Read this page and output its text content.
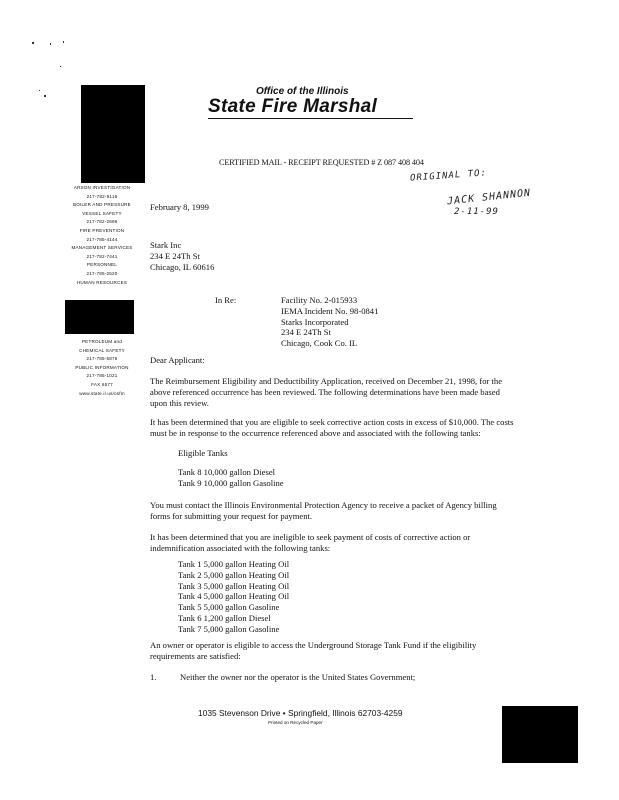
Office of the Illinois
State Fire Marshal
ARSON INVESTIGATION
217-782-9116
BOILER AND PRESSURE
VESSEL SAFETY
217-782-2696
FIRE PREVENTION
217-785-4144
MANAGEMENT SERVICES
217-782-7441
PERSONNEL
217-785-2520
HUMAN RESOURCES
PETROLEUM and
CHEMICAL SAFETY
217-785-5878
PUBLIC INFORMATION
217-785-1021
FAX 6577
www.state.il.us/osfm
CERTIFIED MAIL - RECEIPT REQUESTED # Z 087 408 404
ORIGINAL TO:
JACK SHANNON
2-11-99
February 8, 1999
Stark Inc
234 E 24Th St
Chicago, IL 60616
In Re:	Facility No. 2-015933
IEMA Incident No. 98-0841
Starks Incorporated
234 E 24Th St
Chicago, Cook Co. IL
Dear Applicant:
The Reimbursement Eligibility and Deductibility Application, received on December 21, 1998, for the above referenced occurrence has been reviewed. The following determinations have been made based upon this review.
It has been determined that you are eligible to seek corrective action costs in excess of $10,000. The costs must be in response to the occurrence referenced above and associated with the following tanks:
Eligible Tanks
Tank 8 10,000 gallon Diesel
Tank 9 10,000 gallon Gasoline
You must contact the Illinois Environmental Protection Agency to receive a packet of Agency billing forms for submitting your request for payment.
It has been determined that you are ineligible to seek payment of costs of corrective action or indemnification associated with the following tanks:
Tank 1 5,000 gallon Heating Oil
Tank 2 5,000 gallon Heating Oil
Tank 3 5,000 gallon Heating Oil
Tank 4 5,000 gallon Heating Oil
Tank 5 5,000 gallon Gasoline
Tank 6 1,200 gallon Diesel
Tank 7 5,000 gallon Gasoline
An owner or operator is eligible to access the Underground Storage Tank Fund if the eligibility requirements are satisfied:
1.	Neither the owner nor the operator is the United States Government;
1035 Stevenson Drive • Springfield, Illinois 62703-4259
Printed on Recycled Paper
